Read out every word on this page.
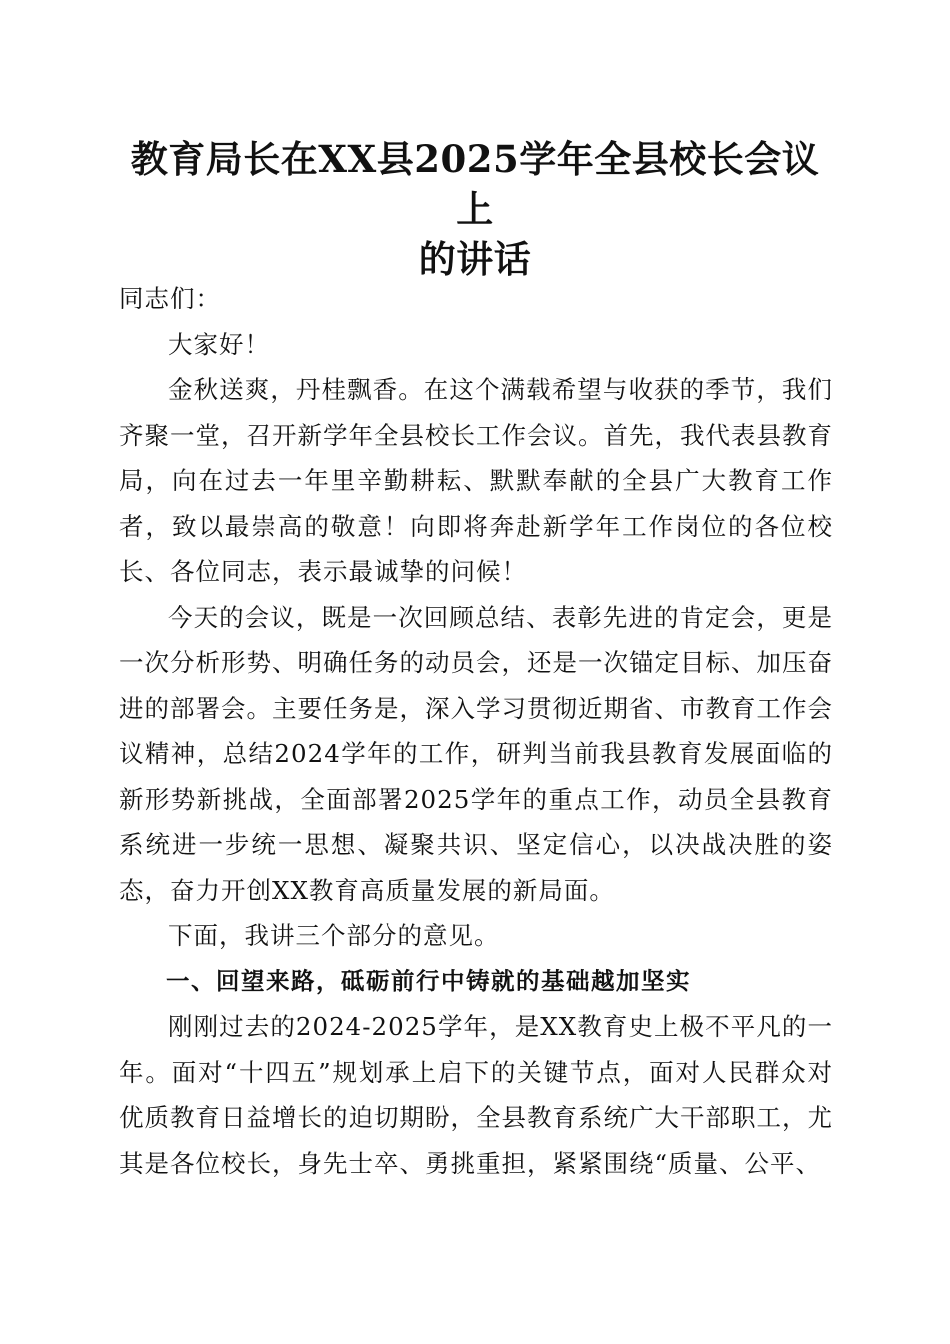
教育局长在XX县2025学年全县校长会议上
的讲话

同志们：

大家好！

金秋送爽，丹桂飘香。在这个满载希望与收获的季节，我们齐聚一堂，召开新学年全县校长工作会议。首先，我代表县教育局，向在过去一年里辛勤耕耘、默默奉献的全县广大教育工作者，致以最崇高的敬意！向即将奔赴新学年工作岗位的各位校长、各位同志，表示最诚挚的问候！

今天的会议，既是一次回顾总结、表彰先进的肯定会，更是一次分析形势、明确任务的动员会，还是一次锚定目标、加压奋进的部署会。主要任务是，深入学习贯彻近期省、市教育工作会议精神，总结2024学年的工作，研判当前我县教育发展面临的新形势新挑战，全面部署2025学年的重点工作，动员全县教育系统进一步统一思想、凝聚共识、坚定信心，以决战决胜的姿态，奋力开创XX教育高质量发展的新局面。

下面，我讲三个部分的意见。

一、回望来路，砥砺前行中铸就的基础越加坚实

刚刚过去的2024-2025学年，是XX教育史上极不平凡的一年。面对“十四五”规划承上启下的关键节点，面对人民群众对优质教育日益增长的迫切期盼，全县教育系统广大干部职工，尤其是各位校长，身先士卒、勇挑重担，紧紧围绕“质量、公平、
